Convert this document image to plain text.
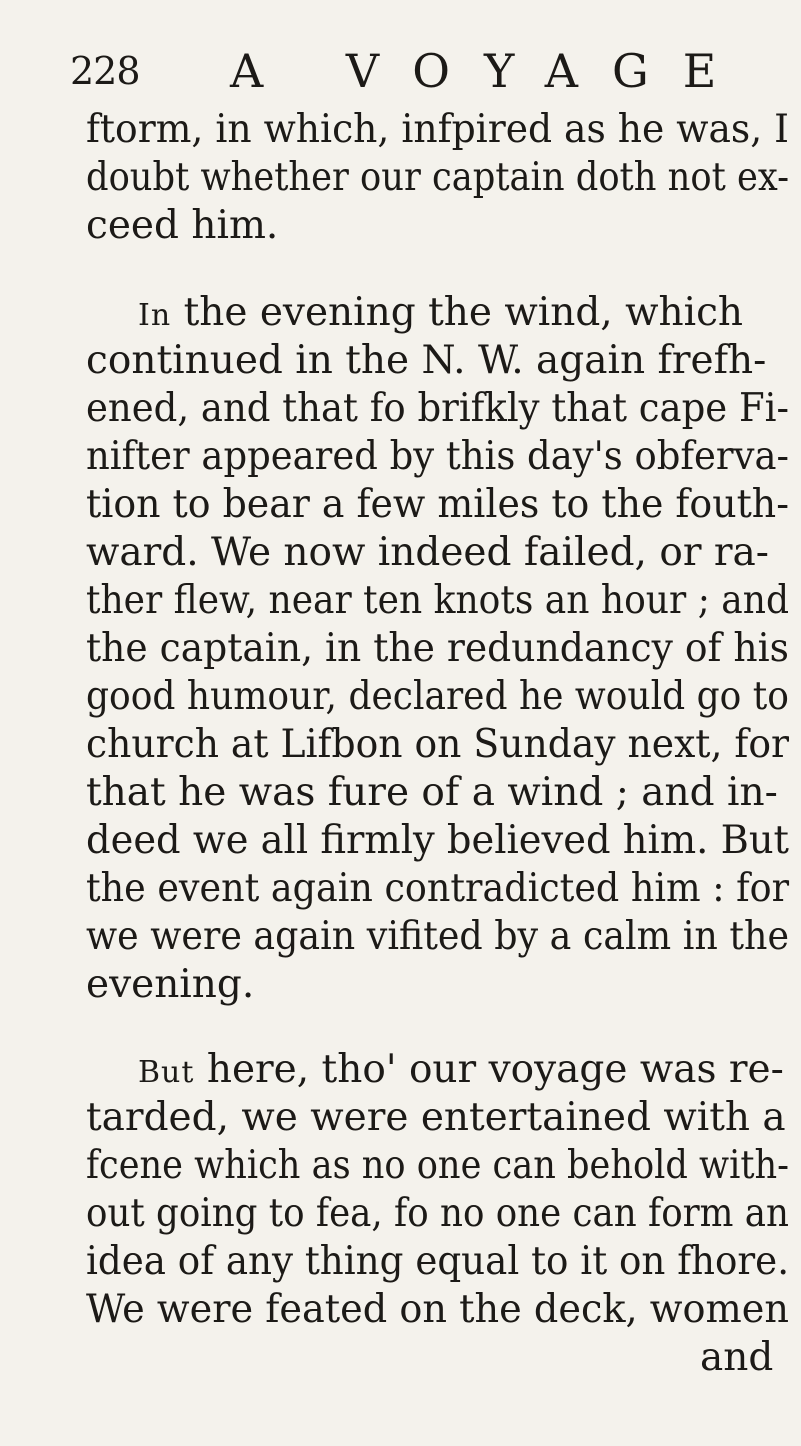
228 A VOYAGE
ftorm, in which, infpired as he was, I
doubt whether our captain doth not ex-
ceed him.
In the evening the wind, which
continued in the N. W. again frefh-
ened, and that fo brifkly that cape Fi-
nifter appeared by this day's obferva-
tion to bear a few miles to the fouth-
ward. We now indeed failed, or ra-
ther flew, near ten knots an hour ; and
the captain, in the redundancy of his
good humour, declared he would go to
church at Lifbon on Sunday next, for
that he was fure of a wind ; and in-
deed we all firmly believed him. But
the event again contradicted him : for
we were again vifited by a calm in the
evening.
But here, tho' our voyage was re-
tarded, we were entertained with a
fcene which as no one can behold with-
out going to fea, fo no one can form an
idea of any thing equal to it on fhore.
We were feated on the deck, women
and
